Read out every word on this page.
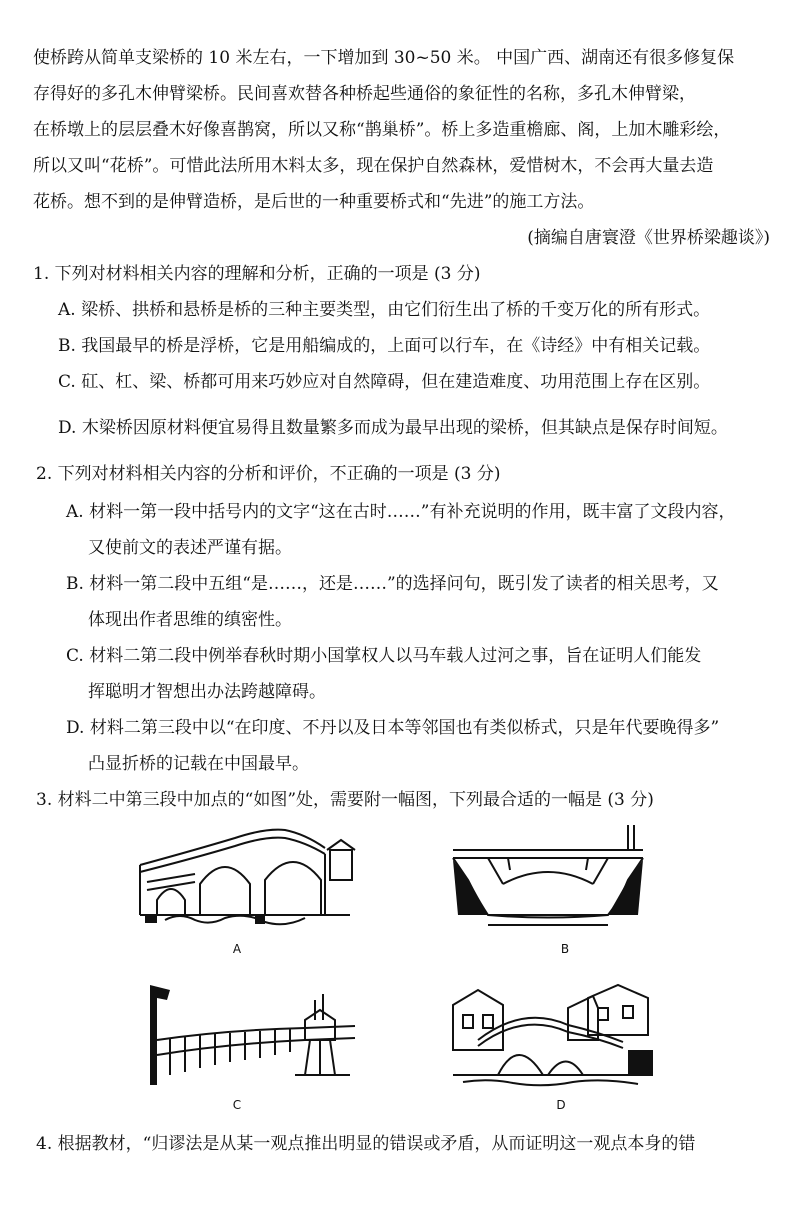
使桥跨从简单支梁桥的 10 米左右，一下增加到 30~50 米。 中国广西、湖南还有很多修复保
存得好的多孔木伸臂梁桥。民间喜欢替各种桥起些通俗的象征性的名称，多孔木伸臂梁，
在桥墩上的层层叠木好像喜鹊窝，所以又称“鹊巢桥”。桥上多造重檐廊、阁，上加木雕彩绘，
所以又叫“花桥”。可惜此法所用木料太多，现在保护自然森林，爱惜树木，不会再大量去造
花桥。想不到的是伸臂造桥，是后世的一种重要桥式和“先进”的施工方法。
(摘编自唐寰澄《世界桥梁趣谈》)
1. 下列对材料相关内容的理解和分析，正确的一项是 (3 分)
A. 梁桥、拱桥和悬桥是桥的三种主要类型，由它们衍生出了桥的千变万化的所有形式。
B. 我国最早的桥是浮桥，它是用船编成的，上面可以行车，在《诗经》中有相关记载。
C. 矼、杠、梁、桥都可用来巧妙应对自然障碍，但在建造难度、功用范围上存在区别。
D. 木梁桥因原材料便宜易得且数量繁多而成为最早出现的梁桥，但其缺点是保存时间短。
2. 下列对材料相关内容的分析和评价，不正确的一项是 (3 分)
A. 材料一第一段中括号内的文字“这在古时……”有补充说明的作用，既丰富了文段内容，
又使前文的表述严谨有据。
B. 材料一第二段中五组“是……，还是……”的选择问句，既引发了读者的相关思考，又
体现出作者思维的缜密性。
C. 材料二第二段中例举春秋时期小国掌权人以马车载人过河之事，旨在证明人们能发
挥聪明才智想出办法跨越障碍。
D. 材料二第三段中以“在印度、不丹以及日本等邻国也有类似桥式，只是年代要晚得多”
凸显折桥的记载在中国最早。
3. 材料二中第三段中加点的“如图”处，需要附一幅图，下列最合适的一幅是 (3 分)
A	B
C	D
4. 根据教材，“归谬法是从某一观点推出明显的错误或矛盾，从而证明这一观点本身的错
